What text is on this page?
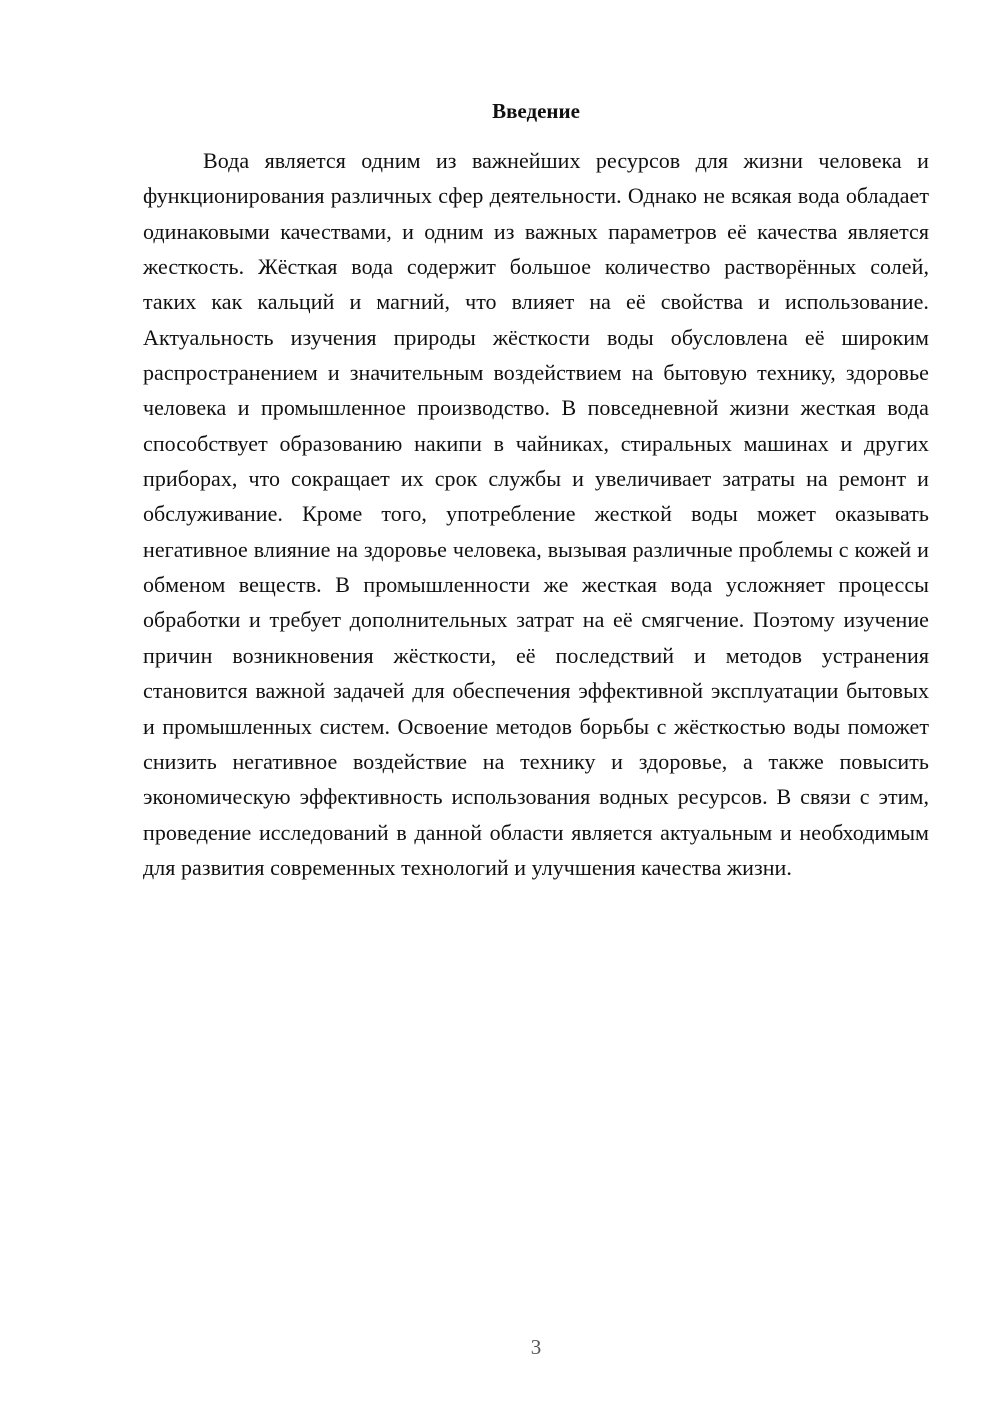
Введение

Вода является одним из важнейших ресурсов для жизни человека и функционирования различных сфер деятельности. Однако не всякая вода обладает одинаковыми качествами, и одним из важных параметров её качества является жесткость. Жёсткая вода содержит большое количество растворённых солей, таких как кальций и магний, что влияет на её свойства и использование. Актуальность изучения природы жёсткости воды обусловлена её широким распространением и значительным воздействием на бытовую технику, здоровье человека и промышленное производство. В повседневной жизни жесткая вода способствует образованию накипи в чайниках, стиральных машинах и других приборах, что сокращает их срок службы и увеличивает затраты на ремонт и обслуживание. Кроме того, употребление жесткой воды может оказывать негативное влияние на здоровье человека, вызывая различные проблемы с кожей и обменом веществ. В промышленности же жесткая вода усложняет процессы обработки и требует дополнительных затрат на её смягчение. Поэтому изучение причин возникновения жёсткости, её последствий и методов устранения становится важной задачей для обеспечения эффективной эксплуатации бытовых и промышленных систем. Освоение методов борьбы с жёсткостью воды поможет снизить негативное воздействие на технику и здоровье, а также повысить экономическую эффективность использования водных ресурсов. В связи с этим, проведение исследований в данной области является актуальным и необходимым для развития современных технологий и улучшения качества жизни.

3
